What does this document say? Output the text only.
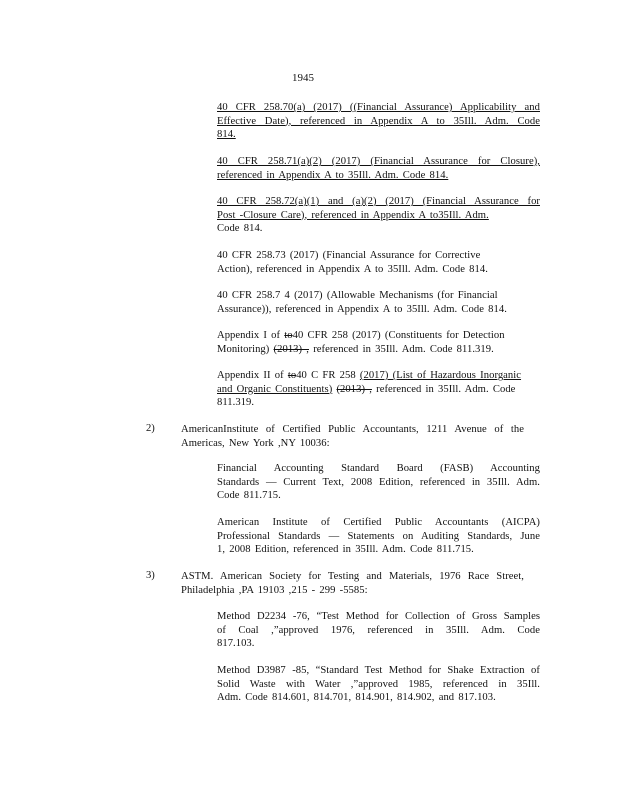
1945
40 CFR 258.70(a) (2017) ((Financial Assurance) Applicability and
Effective Date), referenced in Appendix A to 35Ill. Adm. Code
814.
40 CFR 258.71(a)(2) (2017) (Financial Assurance for Closure),
referenced in Appendix A to 35Ill. Adm. Code 814.
40 CFR 258.72(a)(1) and (a)(2) (2017) (Financial Assurance for
Post -Closure Care), referenced in Appendix A to35Ill. Adm.
Code 814.
40 CFR 258.73 (2017) (Financial Assurance for Corrective
Action), referenced in Appendix A to 35Ill. Adm. Code 814.
40 CFR 258.7 4 (2017) (Allowable Mechanisms (for Financial
Assurance)), referenced in Appendix A to 35Ill. Adm. Code 814.
Appendix I of to40 CFR 258 (2017) (Constituents for Detection
Monitoring) (2013) , referenced in 35Ill. Adm. Code 811.319.
Appendix II of to40 C FR 258 (2017) (List of Hazardous Inorganic
and Organic Constituents) (2013) , referenced in 35Ill. Adm. Code
811.319.
2) AmericanInstitute of Certified Public Accountants, 1211 Avenue of the
Americas, New York ,NY 10036:
Financial Accounting Standard Board (FASB) Accounting
Standards — Current Text, 2008 Edition, referenced in 35Ill. Adm.
Code 811.715.
American Institute of Certified Public Accountants (AICPA)
Professional Standards — Statements on Auditing Standards, June
1, 2008 Edition, referenced in 35Ill. Adm. Code 811.715.
3) ASTM. American Society for Testing and Materials, 1976 Race Street,
Philadelphia ,PA 19103 ,215 - 299 -5585:
Method D2234 -76, “Test Method for Collection of Gross Samples
of Coal ,”approved 1976, referenced in 35Ill. Adm. Code
817.103.
Method D3987 -85, “Standard Test Method for Shake Extraction of
Solid Waste with Water ,”approved 1985, referenced in 35Ill.
Adm. Code 814.601, 814.701, 814.901, 814.902, and 817.103.
